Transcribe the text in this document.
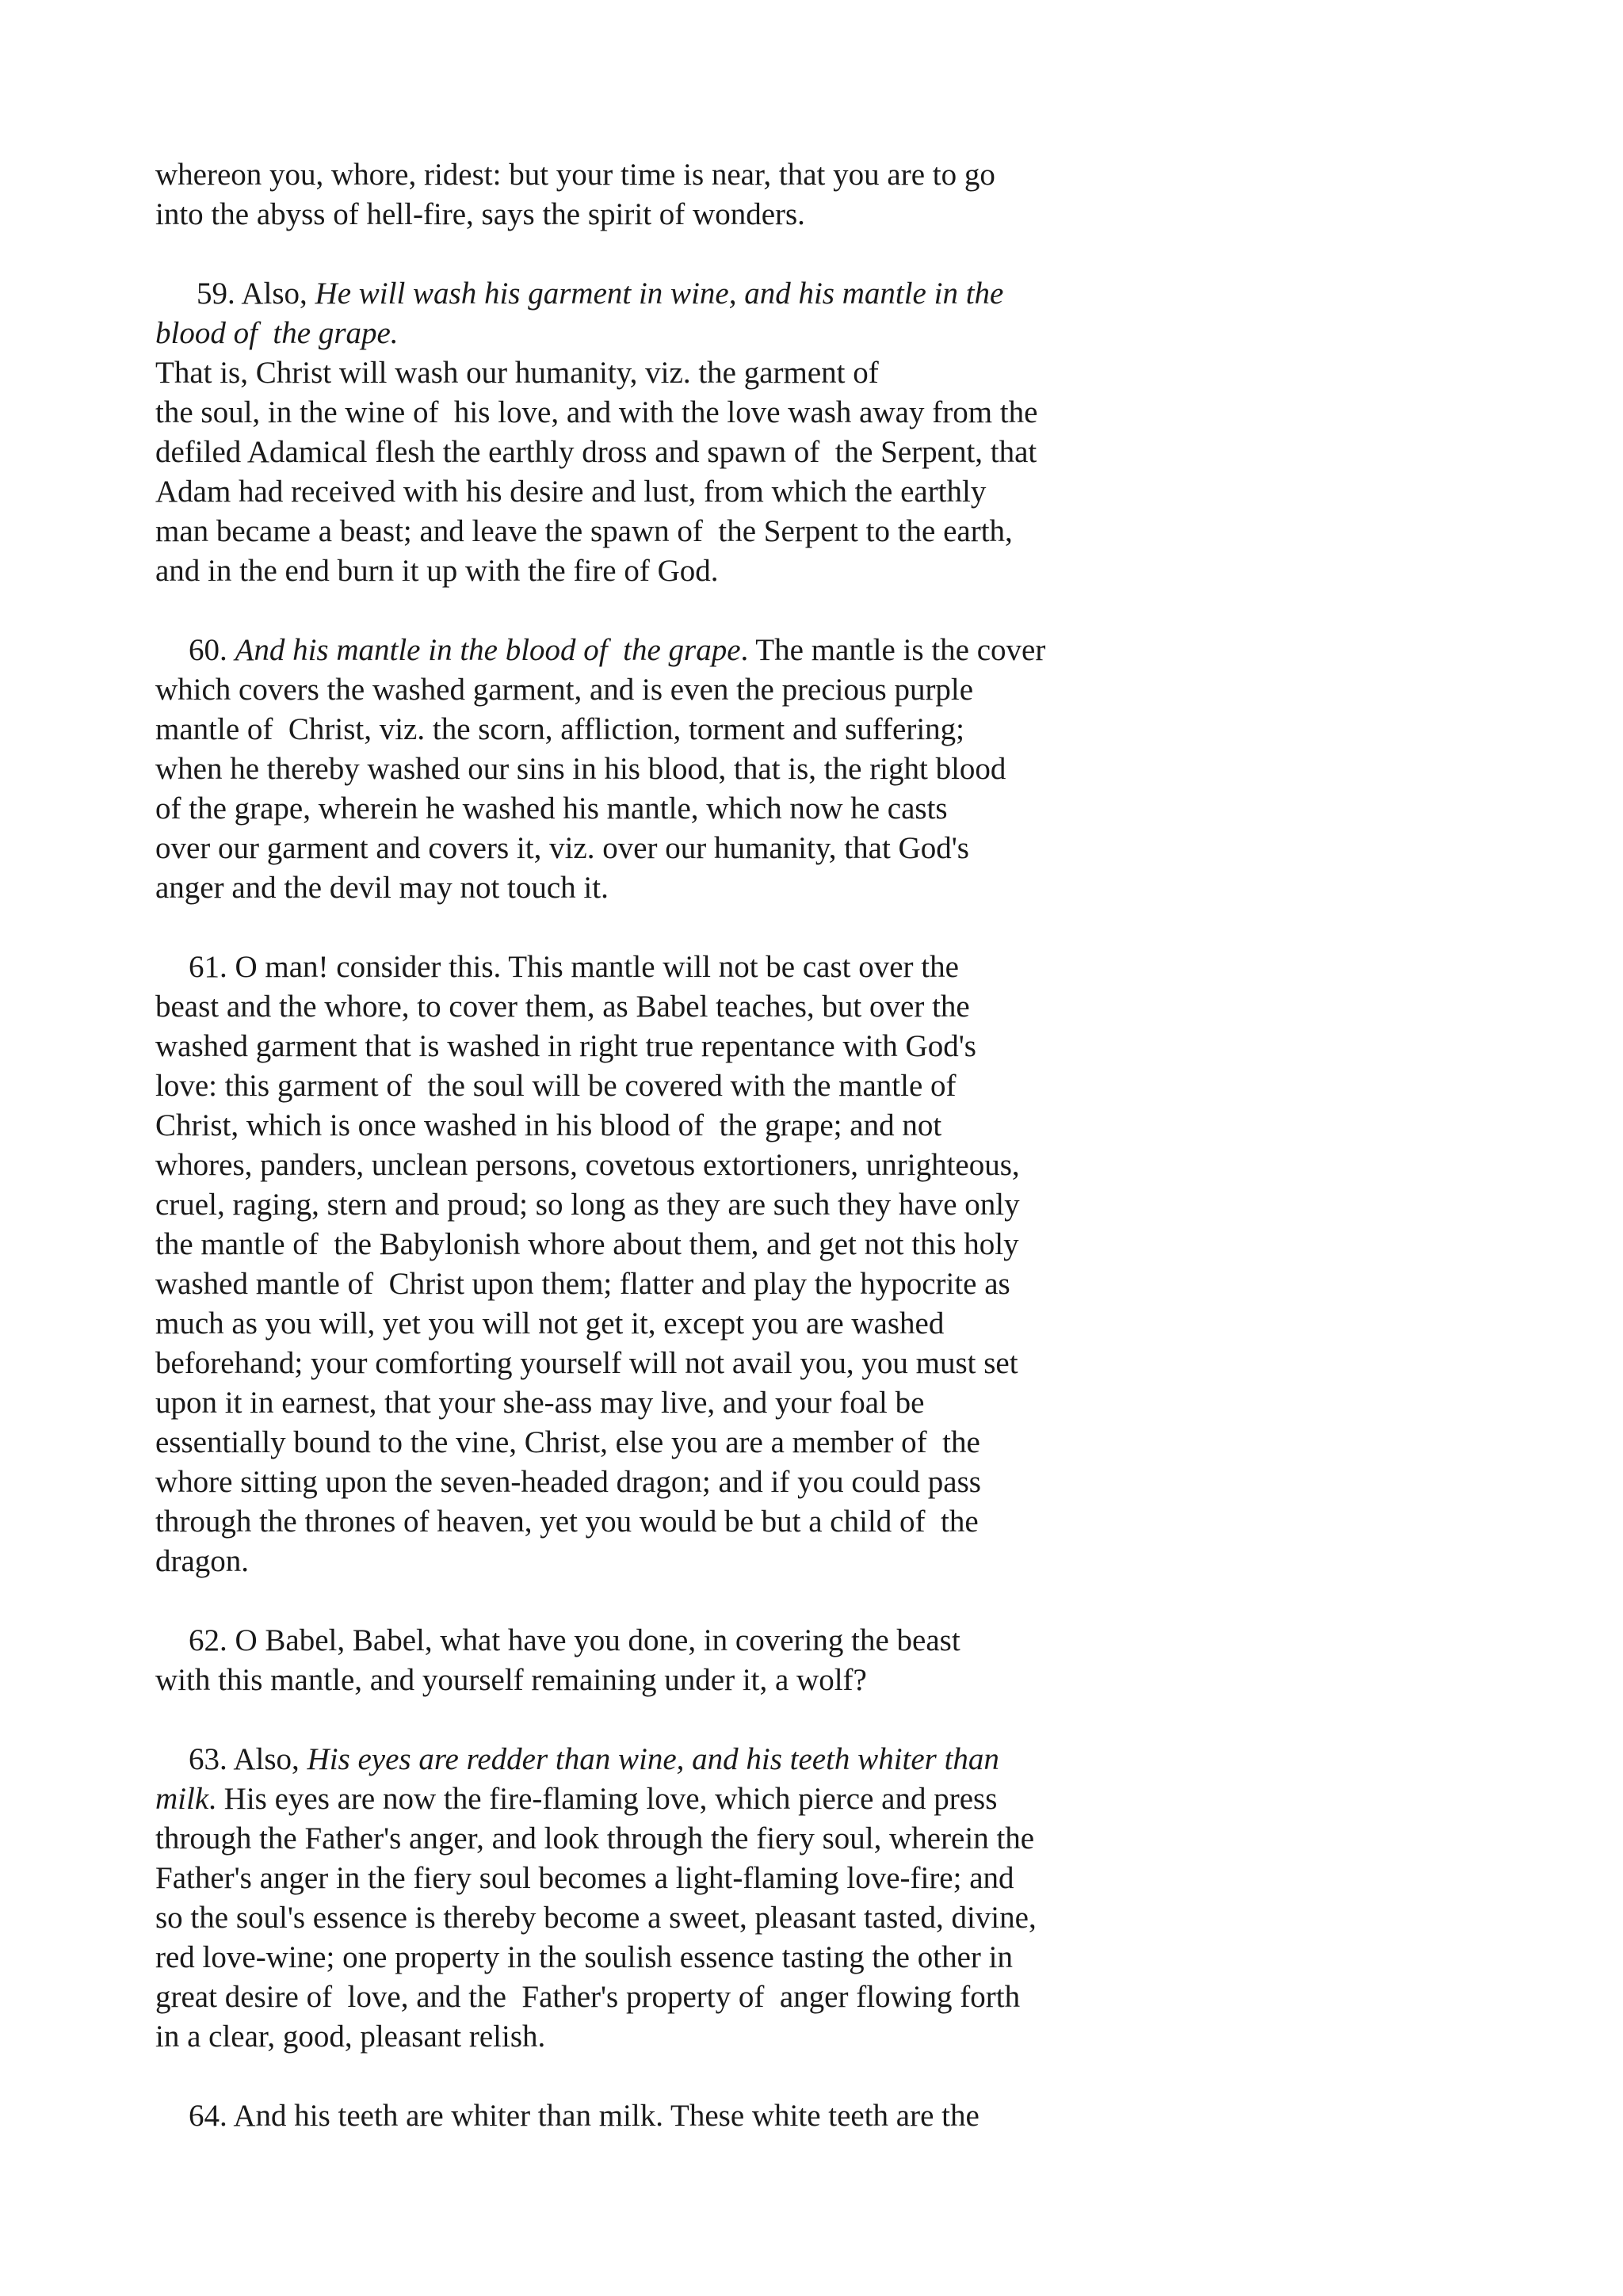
whereon you, whore, ridest: but your time is near, that you are to go
into the abyss of hell-fire, says the spirit of wonders.
59. Also, He will wash his garment in wine, and his mantle in the
blood of  the grape.
That is, Christ will wash our humanity, viz. the garment of
the soul, in the wine of  his love, and with the love wash away from the
defiled Adamical flesh the earthly dross and spawn of  the Serpent, that
Adam had received with his desire and lust, from which the earthly
man became a beast; and leave the spawn of  the Serpent to the earth,
and in the end burn it up with the fire of God.
60. And his mantle in the blood of  the grape. The mantle is the cover
which covers the washed garment, and is even the precious purple
mantle of  Christ, viz. the scorn, affliction, torment and suffering;
when he thereby washed our sins in his blood, that is, the right blood
of the grape, wherein he washed his mantle, which now he casts
over our garment and covers it, viz. over our humanity, that God's
anger and the devil may not touch it.
61. O man! consider this. This mantle will not be cast over the
beast and the whore, to cover them, as Babel teaches, but over the
washed garment that is washed in right true repentance with God's
love: this garment of  the soul will be covered with the mantle of
Christ, which is once washed in his blood of  the grape; and not
whores, panders, unclean persons, covetous extortioners, unrighteous,
cruel, raging, stern and proud; so long as they are such they have only
the mantle of  the Babylonish whore about them, and get not this holy
washed mantle of  Christ upon them; flatter and play the hypocrite as
much as you will, yet you will not get it, except you are washed
beforehand; your comforting yourself will not avail you, you must set
upon it in earnest, that your she-ass may live, and your foal be
essentially bound to the vine, Christ, else you are a member of  the
whore sitting upon the seven-headed dragon; and if you could pass
through the thrones of heaven, yet you would be but a child of  the
dragon.
62. O Babel, Babel, what have you done, in covering the beast
with this mantle, and yourself remaining under it, a wolf?
63. Also, His eyes are redder than wine, and his teeth whiter than
milk. His eyes are now the fire-flaming love, which pierce and press
through the Father's anger, and look through the fiery soul, wherein the
Father's anger in the fiery soul becomes a light-flaming love-fire; and
so the soul's essence is thereby become a sweet, pleasant tasted, divine,
red love-wine; one property in the soulish essence tasting the other in
great desire of  love, and the  Father's property of  anger flowing forth
in a clear, good, pleasant relish.
64. And his teeth are whiter than milk. These white teeth are the
